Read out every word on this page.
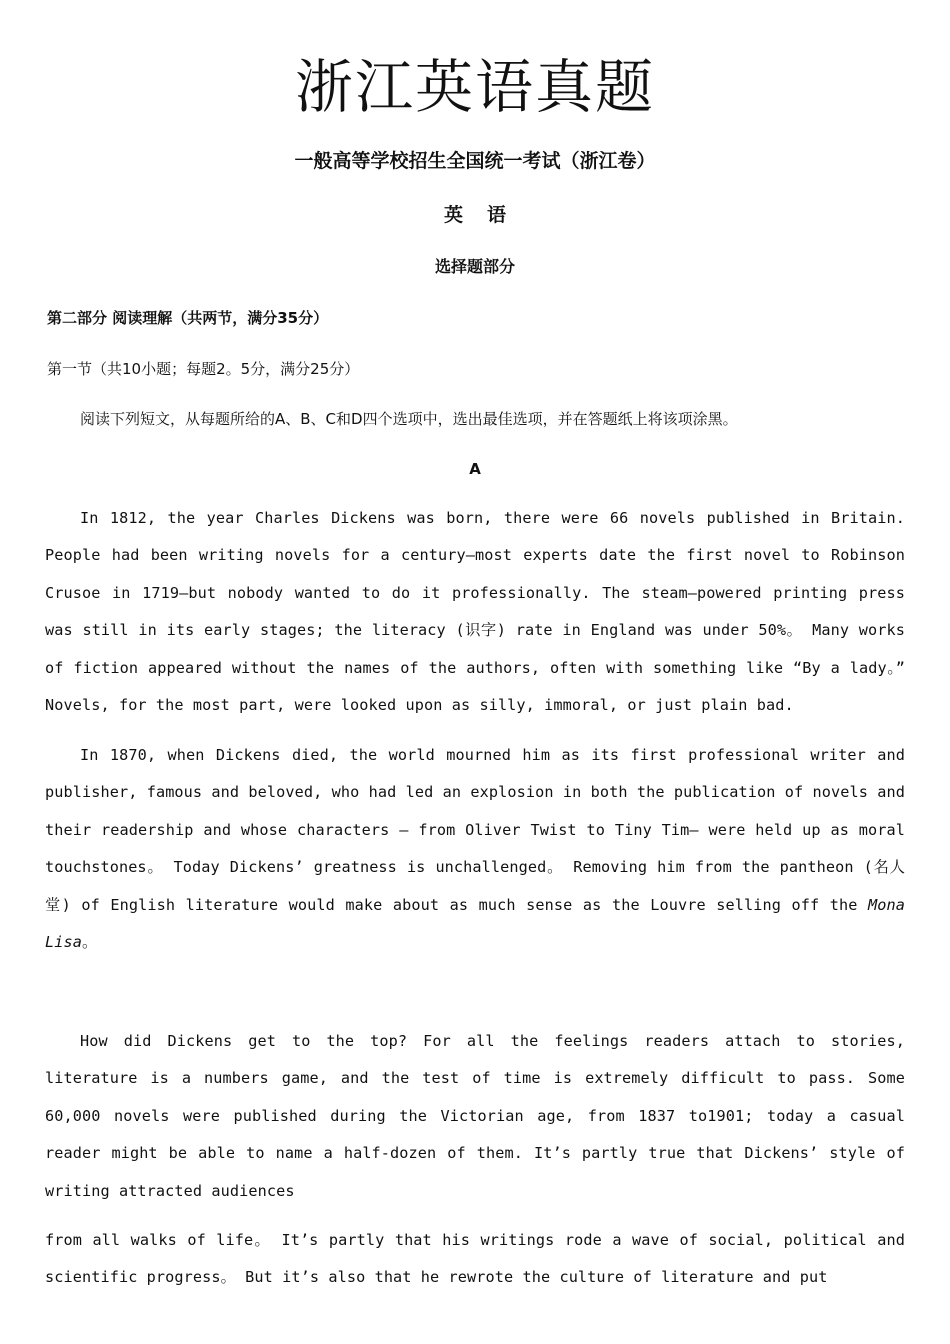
浙江英语真题
一般高等学校招生全国统一考试（浙江卷）
英语
选择题部分
第二部分 阅读理解（共两节，满分35分）
第一节（共10小题；每题2。5分，满分25分）
阅读下列短文，从每题所给的A、B、C和D四个选项中，选出最佳选项，并在答题纸上将该项涂黑。
A

In 1812, the year Charles Dickens was born, there were 66 novels published in Britain. People had been writing novels for a century—most experts date the first novel to Robinson Crusoe in 1719—but nobody wanted to do it professionally. The steam—powered printing press was still in its early stages; the literacy (识字) rate in England was under 50%。 Many works of fiction appeared without the names of the authors, often with something like “By a lady。” Novels, for the most part, were looked upon as silly, immoral, or just plain bad.

In 1870, when Dickens died, the world mourned him as its first professional writer and publisher, famous and beloved, who had led an explosion in both the publication of novels and their readership and whose characters — from Oliver Twist to Tiny Tim— were held up as moral touchstones。 Today Dickens’ greatness is unchallenged。 Removing him from the pantheon (名人堂) of English literature would make about as much sense as the Louvre selling off the Mona Lisa。

How did Dickens get to the top? For all the feelings readers attach to stories, literature is a numbers game, and the test of time is extremely difficult to pass. Some 60,000 novels were published during the Victorian age, from 1837 to1901; today a casual reader might be able to name a half-dozen of them. It’s partly true that Dickens’ style of writing attracted audiences

from all walks of life。 It’s partly that his writings rode a wave of social, political and scientific progress。 But it’s also that he rewrote the culture of literature and put
